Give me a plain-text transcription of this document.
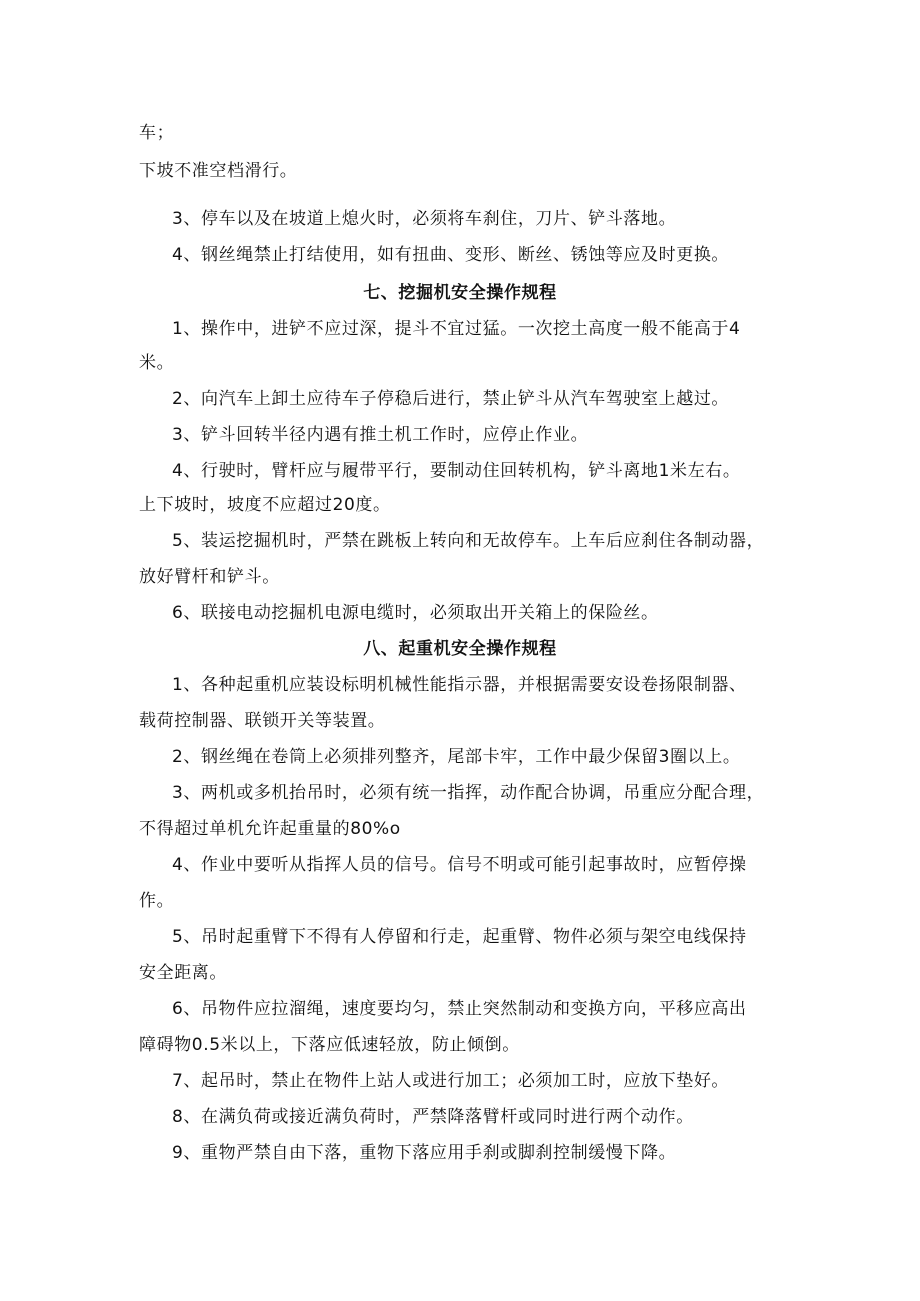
车；
下坡不准空档滑行。
3、停车以及在坡道上熄火时，必须将车刹住，刀片、铲斗落地。
4、钢丝绳禁止打结使用，如有扭曲、变形、断丝、锈蚀等应及时更换。
七、挖掘机安全操作规程
1、操作中，进铲不应过深，提斗不宜过猛。一次挖土高度一般不能高于4
米。
2、向汽车上卸土应待车子停稳后进行，禁止铲斗从汽车驾驶室上越过。
3、铲斗回转半径内遇有推土机工作时，应停止作业。
4、行驶时，臂杆应与履带平行，要制动住回转机构，铲斗离地1米左右。
上下坡时，坡度不应超过20度。
5、装运挖掘机时，严禁在跳板上转向和无故停车。上车后应刹住各制动器，
放好臂杆和铲斗。
6、联接电动挖掘机电源电缆时，必须取出开关箱上的保险丝。
八、起重机安全操作规程
1、各种起重机应装设标明机械性能指示器，并根据需要安设卷扬限制器、
载荷控制器、联锁开关等装置。
2、钢丝绳在卷筒上必须排列整齐，尾部卡牢，工作中最少保留3圈以上。
3、两机或多机抬吊时，必须有统一指挥，动作配合协调，吊重应分配合理，
不得超过单机允许起重量的80%o
4、作业中要听从指挥人员的信号。信号不明或可能引起事故时，应暂停操
作。
5、吊时起重臂下不得有人停留和行走，起重臂、物件必须与架空电线保持
安全距离。
6、吊物件应拉溜绳，速度要均匀，禁止突然制动和变换方向，平移应高出
障碍物0.5米以上，下落应低速轻放，防止倾倒。
7、起吊时，禁止在物件上站人或进行加工；必须加工时，应放下垫好。
8、在满负荷或接近满负荷时，严禁降落臂杆或同时进行两个动作。
9、重物严禁自由下落，重物下落应用手刹或脚刹控制缓慢下降。
